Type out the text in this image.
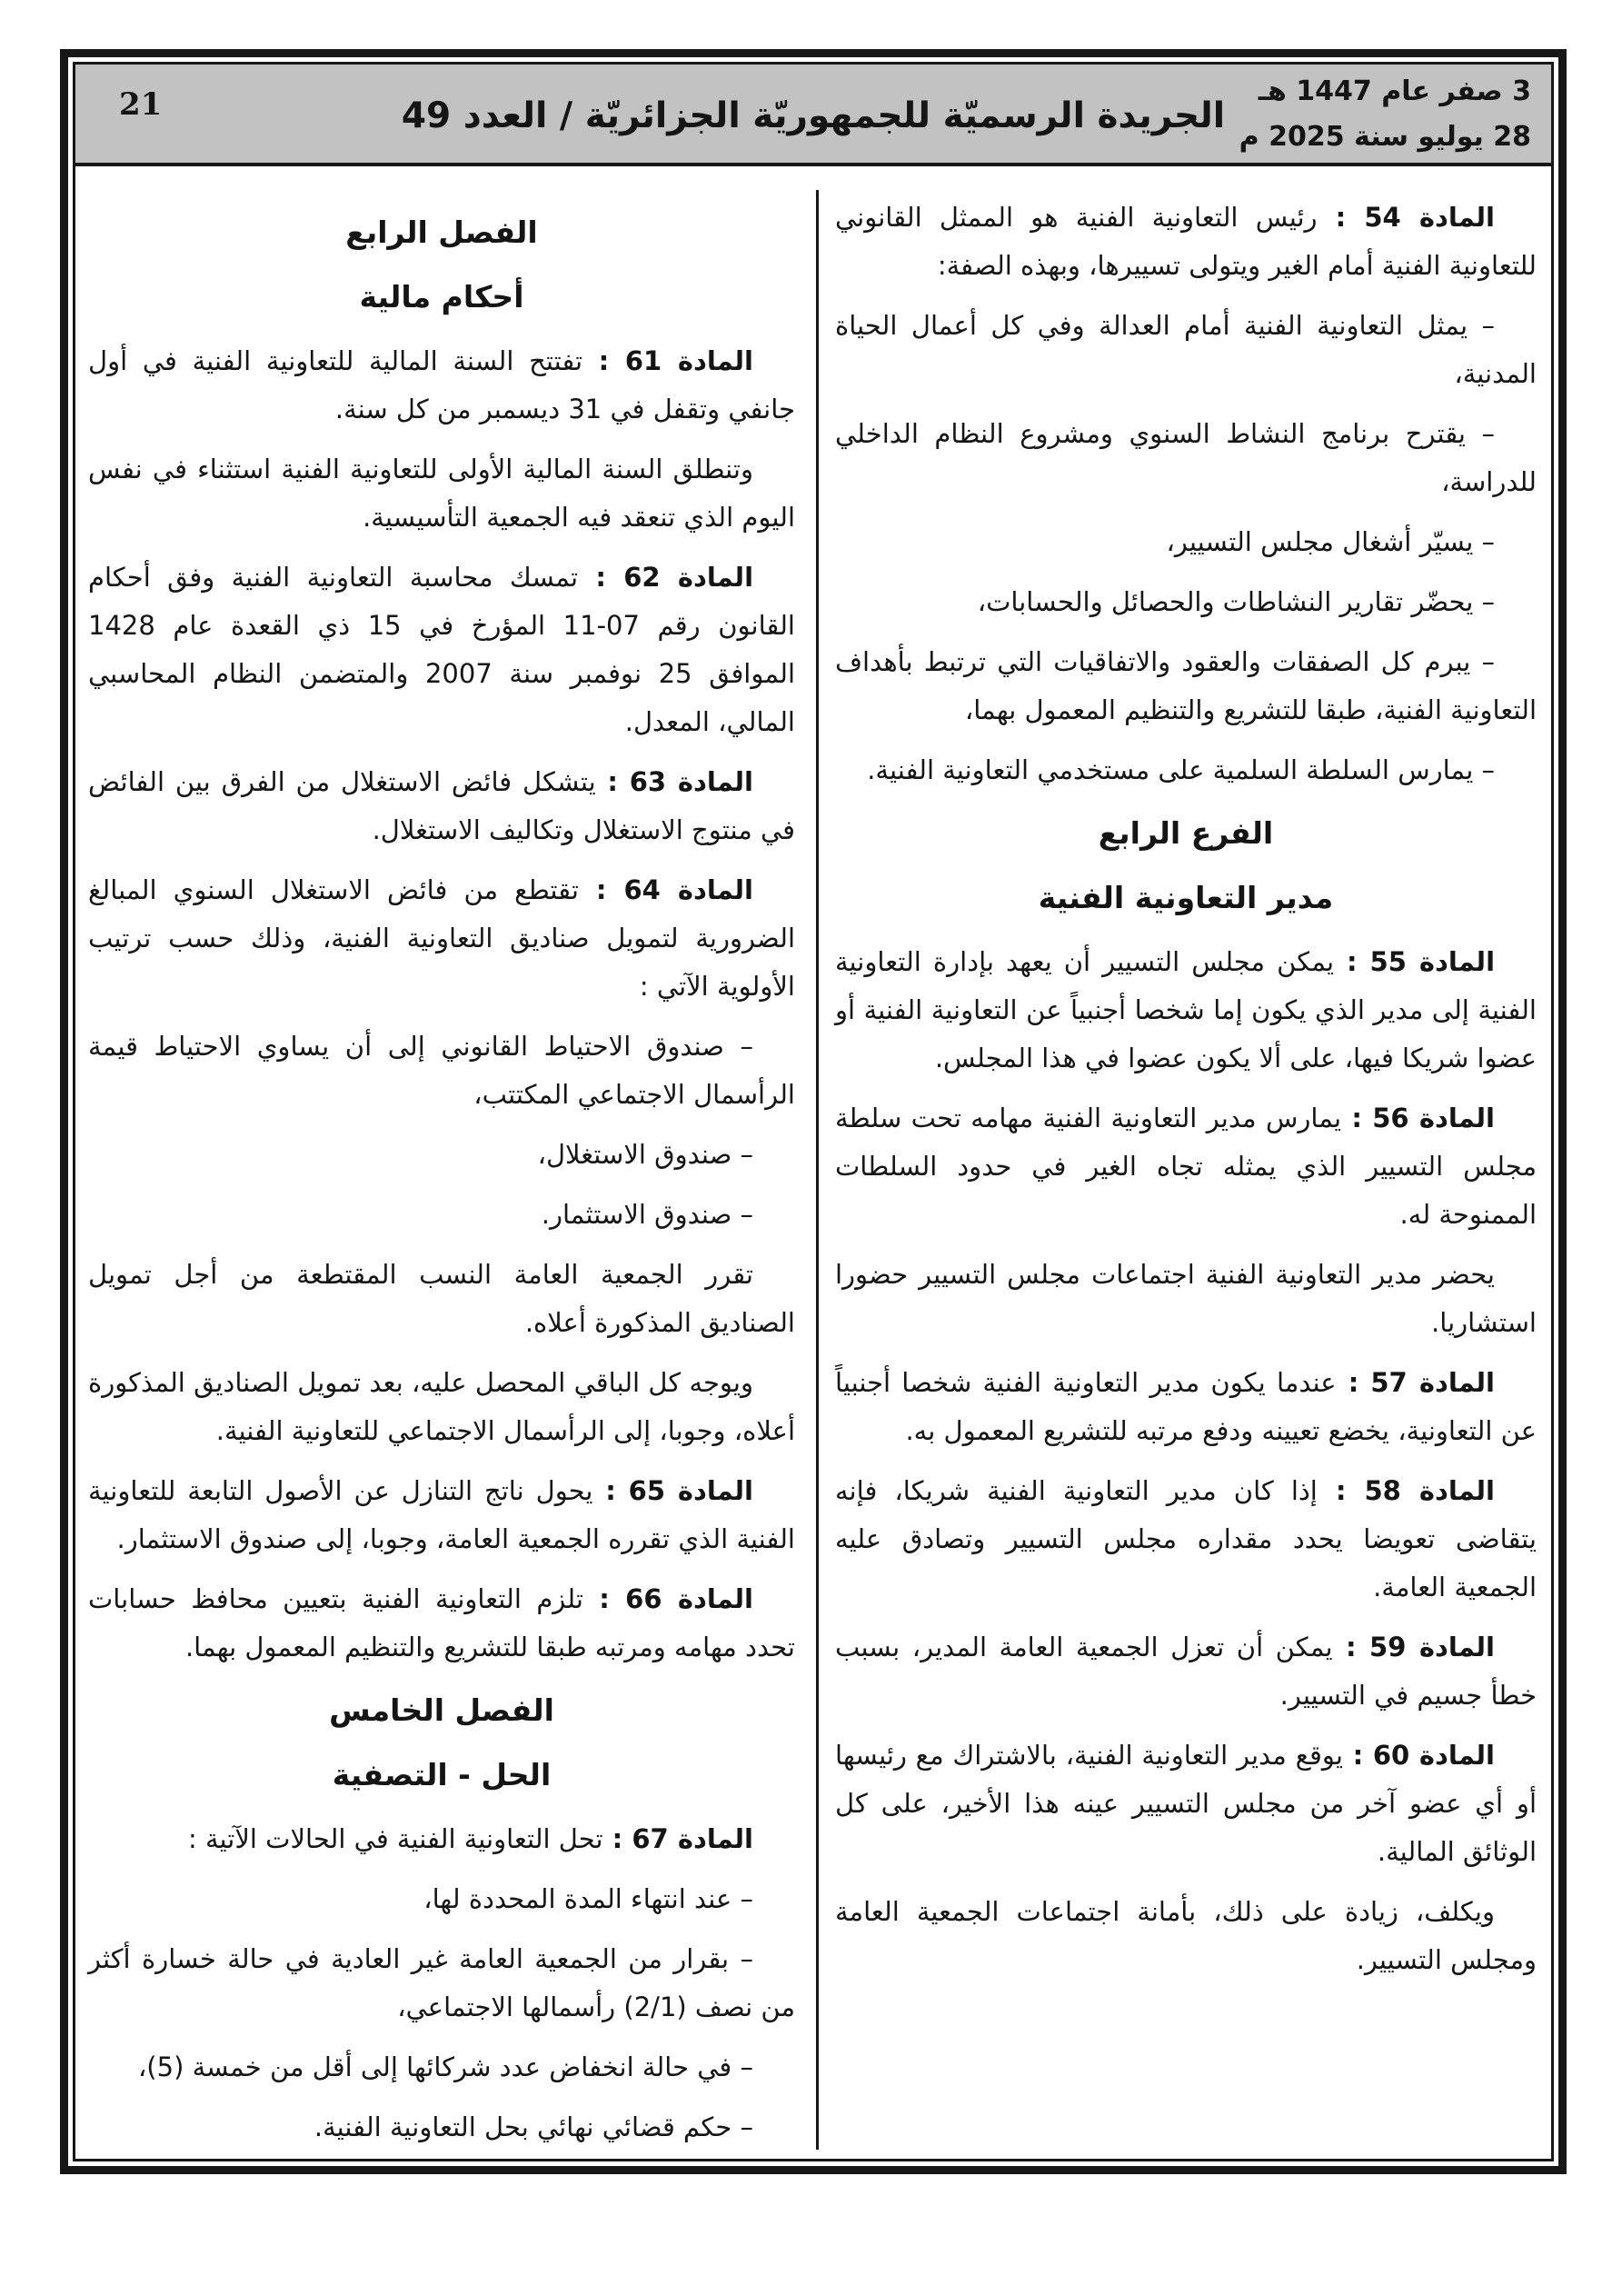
21	الجريدة الرسميّة للجمهوريّة الجزائريّة / العدد 49
3 صفر عام 1447 هـ
28 يوليو سنة 2025 م
المادة 54 : رئيس التعاونية الفنية هو الممثل القانوني للتعاونية الفنية أمام الغير ويتولى تسييرها، وبهذه الصفة:
– يمثل التعاونية الفنية أمام العدالة وفي كل أعمال الحياة المدنية،
– يقترح برنامج النشاط السنوي ومشروع النظام الداخلي للدراسة،
– يسيّر أشغال مجلس التسيير،
– يحضّر تقارير النشاطات والحصائل والحسابات،
– يبرم كل الصفقات والعقود والاتفاقيات التي ترتبط بأهداف التعاونية الفنية، طبقا للتشريع والتنظيم المعمول بهما،
– يمارس السلطة السلمية على مستخدمي التعاونية الفنية.
الفرع الرابع
مدير التعاونية الفنية
المادة 55 : يمكن مجلس التسيير أن يعهد بإدارة التعاونية الفنية إلى مدير الذي يكون إما شخصا أجنبياً عن التعاونية الفنية أو عضوا شريكا فيها، على ألا يكون عضوا في هذا المجلس.
المادة 56 : يمارس مدير التعاونية الفنية مهامه تحت سلطة مجلس التسيير الذي يمثله تجاه الغير في حدود السلطات الممنوحة له.
يحضر مدير التعاونية الفنية اجتماعات مجلس التسيير حضورا استشاريا.
المادة 57 : عندما يكون مدير التعاونية الفنية شخصا أجنبياً عن التعاونية، يخضع تعيينه ودفع مرتبه للتشريع المعمول به.
المادة 58 : إذا كان مدير التعاونية الفنية شريكا، فإنه يتقاضى تعويضا يحدد مقداره مجلس التسيير وتصادق عليه الجمعية العامة.
المادة 59 : يمكن أن تعزل الجمعية العامة المدير، بسبب خطأ جسيم في التسيير.
المادة 60 : يوقع مدير التعاونية الفنية، بالاشتراك مع رئيسها أو أي عضو آخر من مجلس التسيير عينه هذا الأخير، على كل الوثائق المالية.
ويكلف، زيادة على ذلك، بأمانة اجتماعات الجمعية العامة ومجلس التسيير.
الفصل الرابع
أحكام مالية
المادة 61 : تفتتح السنة المالية للتعاونية الفنية في أول جانفي وتقفل في 31 ديسمبر من كل سنة.
وتنطلق السنة المالية الأولى للتعاونية الفنية استثناء في نفس اليوم الذي تنعقد فيه الجمعية التأسيسية.
المادة 62 : تمسك محاسبة التعاونية الفنية وفق أحكام القانون رقم 07-11 المؤرخ في 15 ذي القعدة عام 1428 الموافق 25 نوفمبر سنة 2007 والمتضمن النظام المحاسبي المالي، المعدل.
المادة 63 : يتشكل فائض الاستغلال من الفرق بين الفائض في منتوج الاستغلال وتكاليف الاستغلال.
المادة 64 : تقتطع من فائض الاستغلال السنوي المبالغ الضرورية لتمويل صناديق التعاونية الفنية، وذلك حسب ترتيب الأولوية الآتي :
– صندوق الاحتياط القانوني إلى أن يساوي الاحتياط قيمة الرأسمال الاجتماعي المكتتب،
– صندوق الاستغلال،
– صندوق الاستثمار.
تقرر الجمعية العامة النسب المقتطعة من أجل تمويل الصناديق المذكورة أعلاه.
ويوجه كل الباقي المحصل عليه، بعد تمويل الصناديق المذكورة أعلاه، وجوبا، إلى الرأسمال الاجتماعي للتعاونية الفنية.
المادة 65 : يحول ناتج التنازل عن الأصول التابعة للتعاونية الفنية الذي تقرره الجمعية العامة، وجوبا، إلى صندوق الاستثمار.
المادة 66 : تلزم التعاونية الفنية بتعيين محافظ حسابات تحدد مهامه ومرتبه طبقا للتشريع والتنظيم المعمول بهما.
الفصل الخامس
الحل - التصفية
المادة 67 : تحل التعاونية الفنية في الحالات الآتية :
– عند انتهاء المدة المحددة لها،
– بقرار من الجمعية العامة غير العادية في حالة خسارة أكثر من نصف (2/1) رأسمالها الاجتماعي،
– في حالة انخفاض عدد شركائها إلى أقل من خمسة (5)،
– حكم قضائي نهائي بحل التعاونية الفنية.
